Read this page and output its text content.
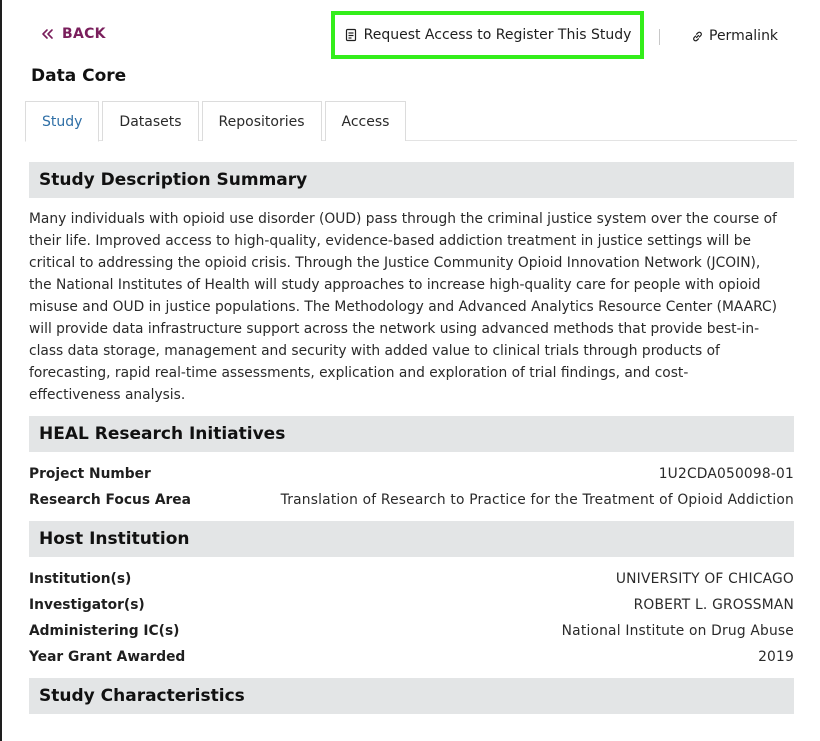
BACK	Request Access to Register This Study	Permalink
Data Core
Study	Datasets	Repositories	Access
Study Description Summary
Many individuals with opioid use disorder (OUD) pass through the criminal justice system over the course of their life. Improved access to high-quality, evidence-based addiction treatment in justice settings will be critical to addressing the opioid crisis. Through the Justice Community Opioid Innovation Network (JCOIN), the National Institutes of Health will study approaches to increase high-quality care for people with opioid misuse and OUD in justice populations. The Methodology and Advanced Analytics Resource Center (MAARC) will provide data infrastructure support across the network using advanced methods that provide best-in-class data storage, management and security with added value to clinical trials through products of forecasting, rapid real-time assessments, explication and exploration of trial findings, and cost-effectiveness analysis.
HEAL Research Initiatives
Project Number	1U2CDA050098-01
Research Focus Area	Translation of Research to Practice for the Treatment of Opioid Addiction
Host Institution
Institution(s)	UNIVERSITY OF CHICAGO
Investigator(s)	ROBERT L. GROSSMAN
Administering IC(s)	National Institute on Drug Abuse
Year Grant Awarded	2019
Study Characteristics
